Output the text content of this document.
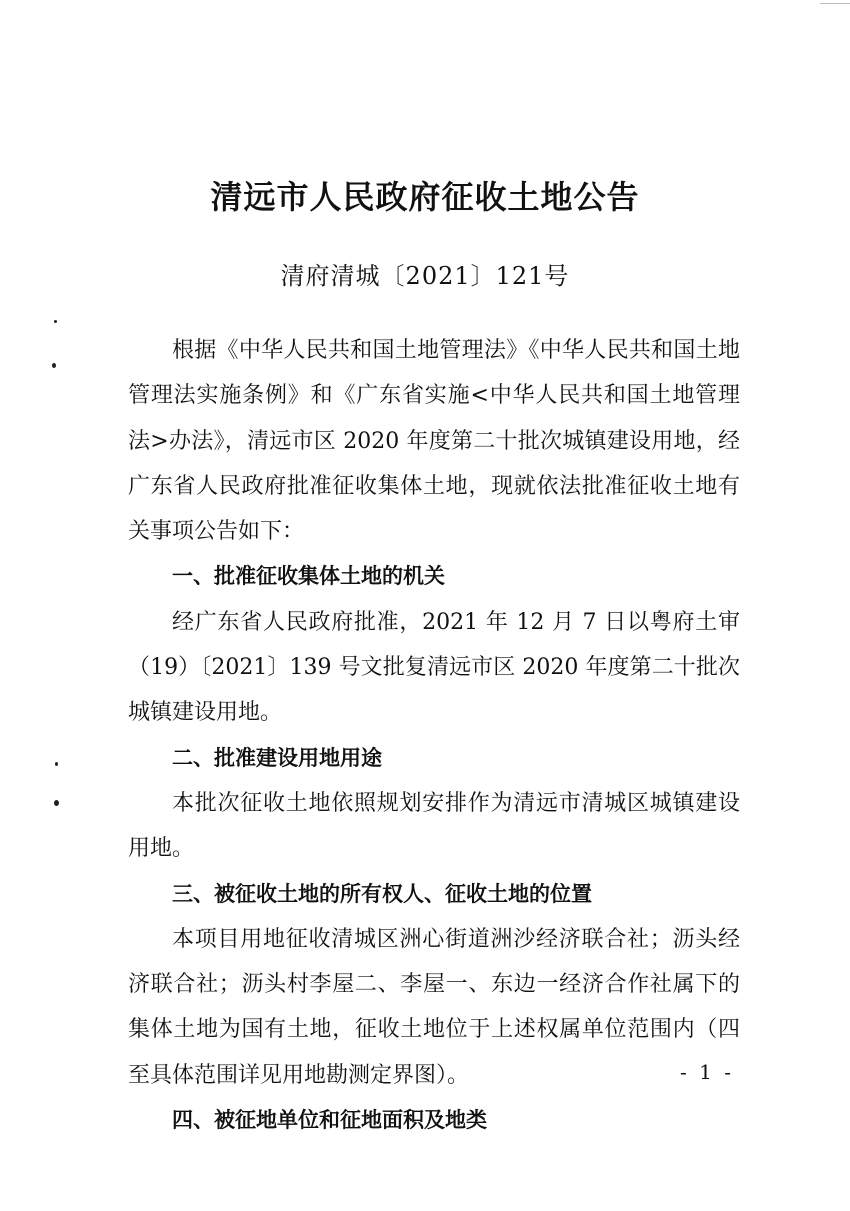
清远市人民政府征收土地公告
清府清城〔2021〕121号

根据《中华人民共和国土地管理法》《中华人民共和国土地管理法实施条例》和《广东省实施<中华人民共和国土地管理法>办法》，清远市区 2020 年度第二十批次城镇建设用地，经广东省人民政府批准征收集体土地，现就依法批准征收土地有关事项公告如下：

一、批准征收集体土地的机关

经广东省人民政府批准，2021 年 12 月 7 日以粤府土审（19）〔2021〕139 号文批复清远市区 2020 年度第二十批次城镇建设用地。

二、批准建设用地用途

本批次征收土地依照规划安排作为清远市清城区城镇建设用地。

三、被征收土地的所有权人、征收土地的位置

本项目用地征收清城区洲心街道洲沙经济联合社；沥头经济联合社；沥头村李屋二、李屋一、东边一经济合作社属下的集体土地为国有土地，征收土地位于上述权属单位范围内（四至具体范围详见用地勘测定界图）。

四、被征地单位和征地面积及地类

- 1 -
